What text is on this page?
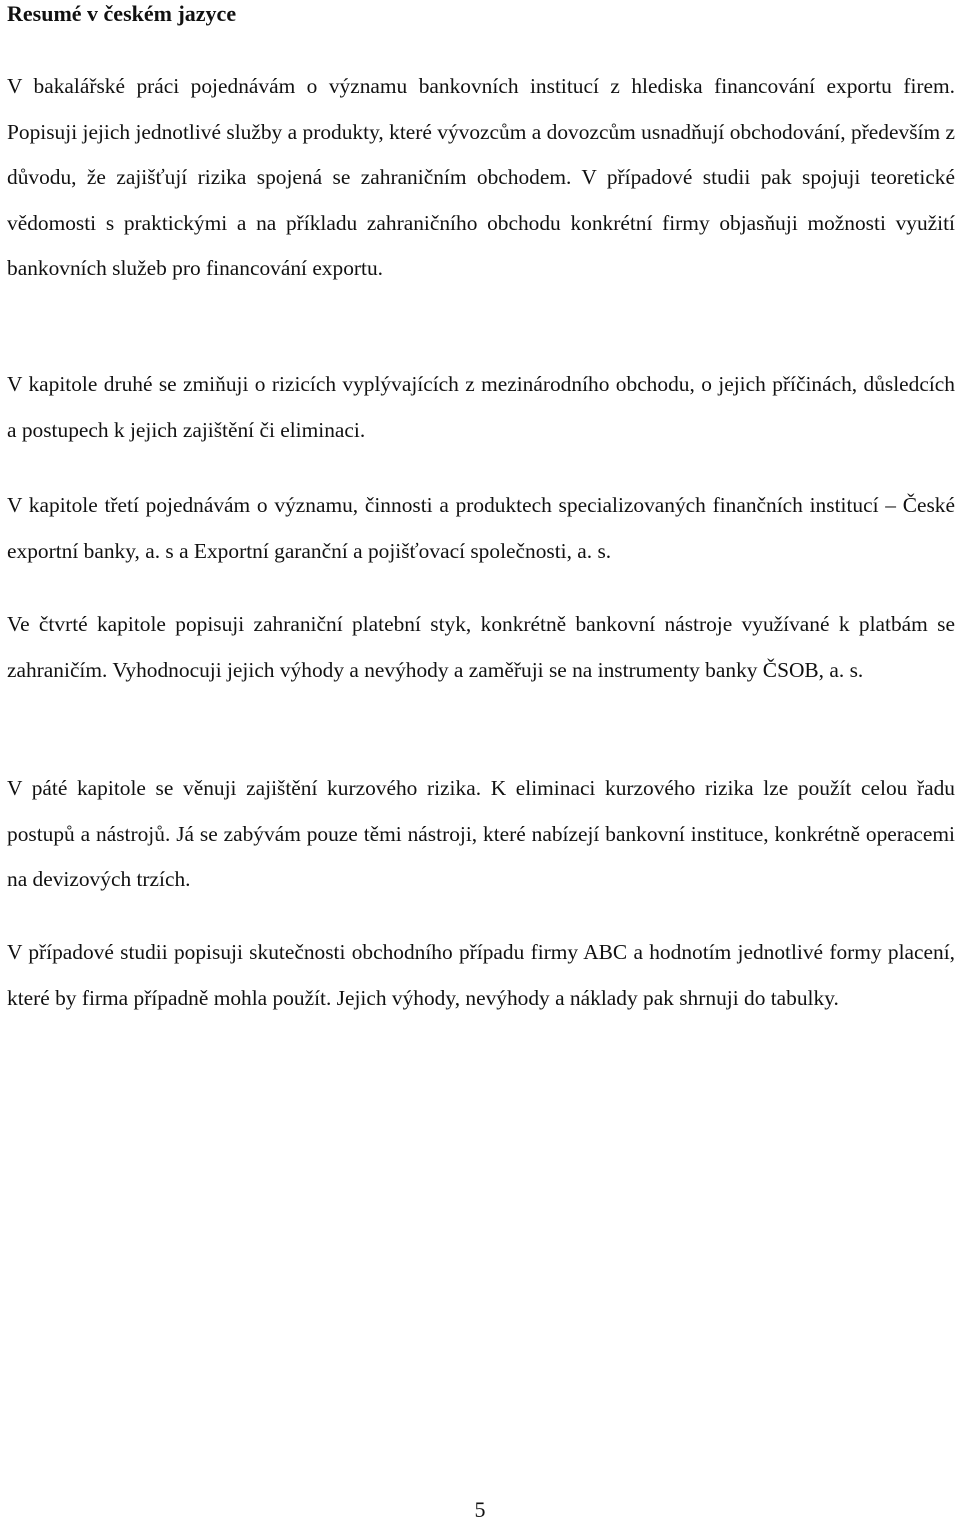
Resumé v českém jazyce

V bakalářské práci pojednávám o významu bankovních institucí z hlediska financování exportu firem. Popisuji jejich jednotlivé služby a produkty, které vývozcům a dovozcům usnadňují obchodování, především z důvodu, že zajišťují rizika spojená se zahraničním obchodem. V případové studii pak spojuji teoretické vědomosti s praktickými a na příkladu zahraničního obchodu konkrétní firmy objasňuji možnosti využití bankovních služeb pro financování exportu.

V kapitole druhé se zmiňuji o rizicích vyplývajících z mezinárodního obchodu, o jejich příčinách, důsledcích a postupech k jejich zajištění či eliminaci.

V kapitole třetí pojednávám o významu, činnosti a produktech specializovaných finančních institucí – České exportní banky, a. s a Exportní garanční a pojišťovací společnosti, a. s.

Ve čtvrté kapitole popisuji zahraniční platební styk, konkrétně bankovní nástroje využívané k platbám se zahraničím. Vyhodnocuji jejich výhody a nevýhody a zaměřuji se na instrumenty banky ČSOB, a. s.

V páté kapitole se věnuji zajištění kurzového rizika. K eliminaci kurzového rizika lze použít celou řadu postupů a nástrojů. Já se zabývám pouze těmi nástroji, které nabízejí bankovní instituce, konkrétně operacemi na devizových trzích.

V případové studii popisuji skutečnosti obchodního případu firmy ABC a hodnotím jednotlivé formy placení, které by firma případně mohla použít. Jejich výhody, nevýhody a náklady pak shrnuji do tabulky.

5
